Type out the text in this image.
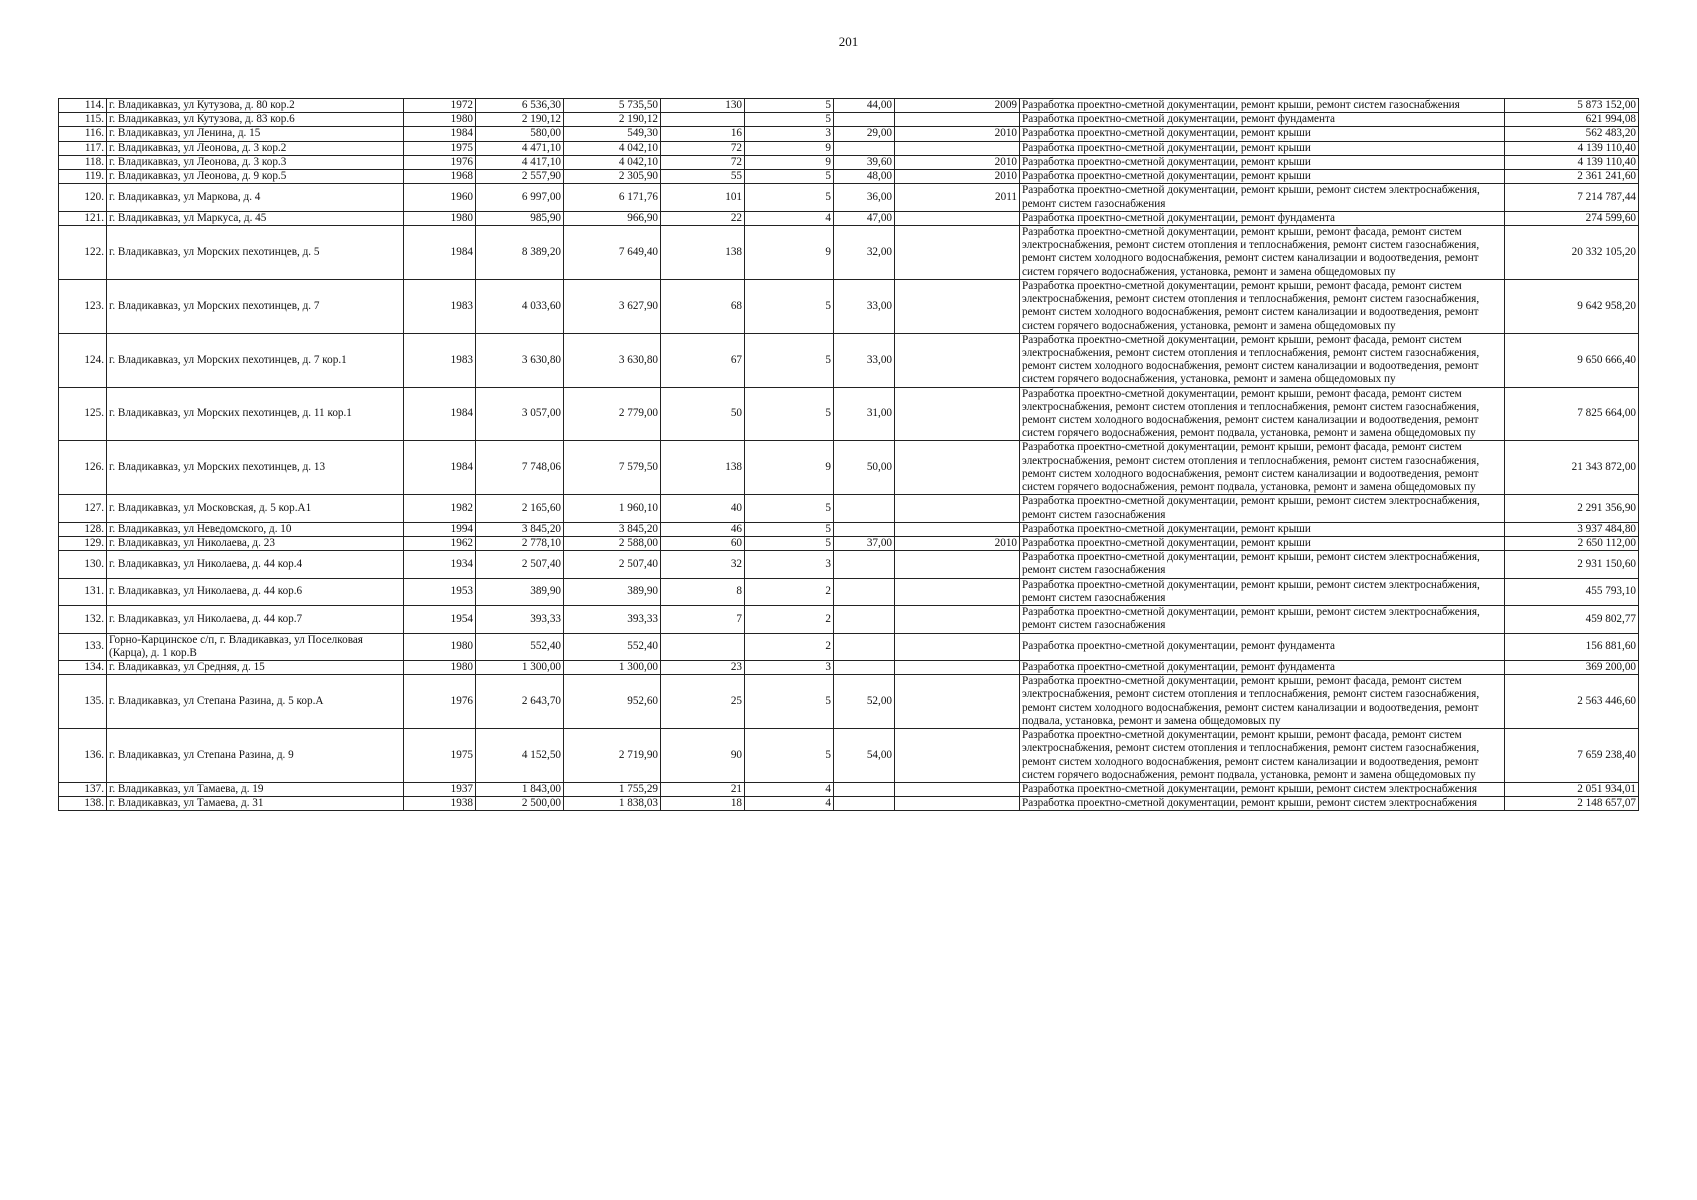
201
114.	г. Владикавказ, ул Кутузова, д. 80 кор.2	1972	6 536,30	5 735,50	130	5	44,00	2009	Разработка проектно-сметной документации, ремонт крыши, ремонт систем газоснабжения	5 873 152,00
115.	г. Владикавказ, ул Кутузова, д. 83 кор.6	1980	2 190,12	2 190,12		5			Разработка проектно-сметной документации, ремонт фундамента	621 994,08
116.	г. Владикавказ, ул Ленина, д. 15	1984	580,00	549,30	16	3	29,00	2010	Разработка проектно-сметной документации, ремонт крыши	562 483,20
117.	г. Владикавказ, ул Леонова, д. 3 кор.2	1975	4 471,10	4 042,10	72	9			Разработка проектно-сметной документации, ремонт крыши	4 139 110,40
118.	г. Владикавказ, ул Леонова, д. 3 кор.3	1976	4 417,10	4 042,10	72	9	39,60	2010	Разработка проектно-сметной документации, ремонт крыши	4 139 110,40
119.	г. Владикавказ, ул Леонова, д. 9 кор.5	1968	2 557,90	2 305,90	55	5	48,00	2010	Разработка проектно-сметной документации, ремонт крыши	2 361 241,60
120.	г. Владикавказ, ул Маркова, д. 4	1960	6 997,00	6 171,76	101	5	36,00	2011	Разработка проектно-сметной документации, ремонт крыши, ремонт систем электроснабжения, ремонт систем газоснабжения	7 214 787,44
121.	г. Владикавказ, ул Маркуса, д. 45	1980	985,90	966,90	22	4	47,00		Разработка проектно-сметной документации, ремонт фундамента	274 599,60
122.	г. Владикавказ, ул Морских пехотинцев, д. 5	1984	8 389,20	7 649,40	138	9	32,00		Разработка проектно-сметной документации, ремонт крыши, ремонт фасада, ремонт систем электроснабжения, ремонт систем отопления и теплоснабжения, ремонт систем газоснабжения, ремонт систем холодного водоснабжения, ремонт систем канализации и водоотведения, ремонт систем горячего водоснабжения, установка, ремонт и замена общедомовых пу	20 332 105,20
123.	г. Владикавказ, ул Морских пехотинцев, д. 7	1983	4 033,60	3 627,90	68	5	33,00		Разработка проектно-сметной документации, ремонт крыши, ремонт фасада, ремонт систем электроснабжения, ремонт систем отопления и теплоснабжения, ремонт систем газоснабжения, ремонт систем холодного водоснабжения, ремонт систем канализации и водоотведения, ремонт систем горячего водоснабжения, установка, ремонт и замена общедомовых пу	9 642 958,20
124.	г. Владикавказ, ул Морских пехотинцев, д. 7 кор.1	1983	3 630,80	3 630,80	67	5	33,00		Разработка проектно-сметной документации, ремонт крыши, ремонт фасада, ремонт систем электроснабжения, ремонт систем отопления и теплоснабжения, ремонт систем газоснабжения, ремонт систем холодного водоснабжения, ремонт систем канализации и водоотведения, ремонт систем горячего водоснабжения, установка, ремонт и замена общедомовых пу	9 650 666,40
125.	г. Владикавказ, ул Морских пехотинцев, д. 11 кор.1	1984	3 057,00	2 779,00	50	5	31,00		Разработка проектно-сметной документации, ремонт крыши, ремонт фасада, ремонт систем электроснабжения, ремонт систем отопления и теплоснабжения, ремонт систем газоснабжения, ремонт систем холодного водоснабжения, ремонт систем канализации и водоотведения, ремонт систем горячего водоснабжения, ремонт подвала, установка, ремонт и замена общедомовых пу	7 825 664,00
126.	г. Владикавказ, ул Морских пехотинцев, д. 13	1984	7 748,06	7 579,50	138	9	50,00		Разработка проектно-сметной документации, ремонт крыши, ремонт фасада, ремонт систем электроснабжения, ремонт систем отопления и теплоснабжения, ремонт систем газоснабжения, ремонт систем холодного водоснабжения, ремонт систем канализации и водоотведения, ремонт систем горячего водоснабжения, ремонт подвала, установка, ремонт и замена общедомовых пу	21 343 872,00
127.	г. Владикавказ, ул Московская, д. 5 кор.А1	1982	2 165,60	1 960,10	40	5			Разработка проектно-сметной документации, ремонт крыши, ремонт систем электроснабжения, ремонт систем газоснабжения	2 291 356,90
128.	г. Владикавказ, ул Неведомского, д. 10	1994	3 845,20	3 845,20	46	5			Разработка проектно-сметной документации, ремонт крыши	3 937 484,80
129.	г. Владикавказ, ул Николаева, д. 23	1962	2 778,10	2 588,00	60	5	37,00	2010	Разработка проектно-сметной документации, ремонт крыши	2 650 112,00
130.	г. Владикавказ, ул Николаева, д. 44 кор.4	1934	2 507,40	2 507,40	32	3			Разработка проектно-сметной документации, ремонт крыши, ремонт систем электроснабжения, ремонт систем газоснабжения	2 931 150,60
131.	г. Владикавказ, ул Николаева, д. 44 кор.6	1953	389,90	389,90	8	2			Разработка проектно-сметной документации, ремонт крыши, ремонт систем электроснабжения, ремонт систем газоснабжения	455 793,10
132.	г. Владикавказ, ул Николаева, д. 44 кор.7	1954	393,33	393,33	7	2			Разработка проектно-сметной документации, ремонт крыши, ремонт систем электроснабжения, ремонт систем газоснабжения	459 802,77
133.	Горно-Карцинское с/п, г. Владикавказ, ул Поселковая (Карца), д. 1 кор.В	1980	552,40	552,40		2			Разработка проектно-сметной документации, ремонт фундамента	156 881,60
134.	г. Владикавказ, ул Средняя, д. 15	1980	1 300,00	1 300,00	23	3			Разработка проектно-сметной документации, ремонт фундамента	369 200,00
135.	г. Владикавказ, ул Степана Разина, д. 5 кор.А	1976	2 643,70	952,60	25	5	52,00		Разработка проектно-сметной документации, ремонт крыши, ремонт фасада, ремонт систем электроснабжения, ремонт систем отопления и теплоснабжения, ремонт систем газоснабжения, ремонт систем холодного водоснабжения, ремонт систем канализации и водоотведения, ремонт подвала, установка, ремонт и замена общедомовых пу	2 563 446,60
136.	г. Владикавказ, ул Степана Разина, д. 9	1975	4 152,50	2 719,90	90	5	54,00		Разработка проектно-сметной документации, ремонт крыши, ремонт фасада, ремонт систем электроснабжения, ремонт систем отопления и теплоснабжения, ремонт систем газоснабжения, ремонт систем холодного водоснабжения, ремонт систем канализации и водоотведения, ремонт систем горячего водоснабжения, ремонт подвала, установка, ремонт и замена общедомовых пу	7 659 238,40
137.	г. Владикавказ, ул Тамаева, д. 19	1937	1 843,00	1 755,29	21	4			Разработка проектно-сметной документации, ремонт крыши, ремонт систем электроснабжения	2 051 934,01
138.	г. Владикавказ, ул Тамаева, д. 31	1938	2 500,00	1 838,03	18	4			Разработка проектно-сметной документации, ремонт крыши, ремонт систем электроснабжения	2 148 657,07
